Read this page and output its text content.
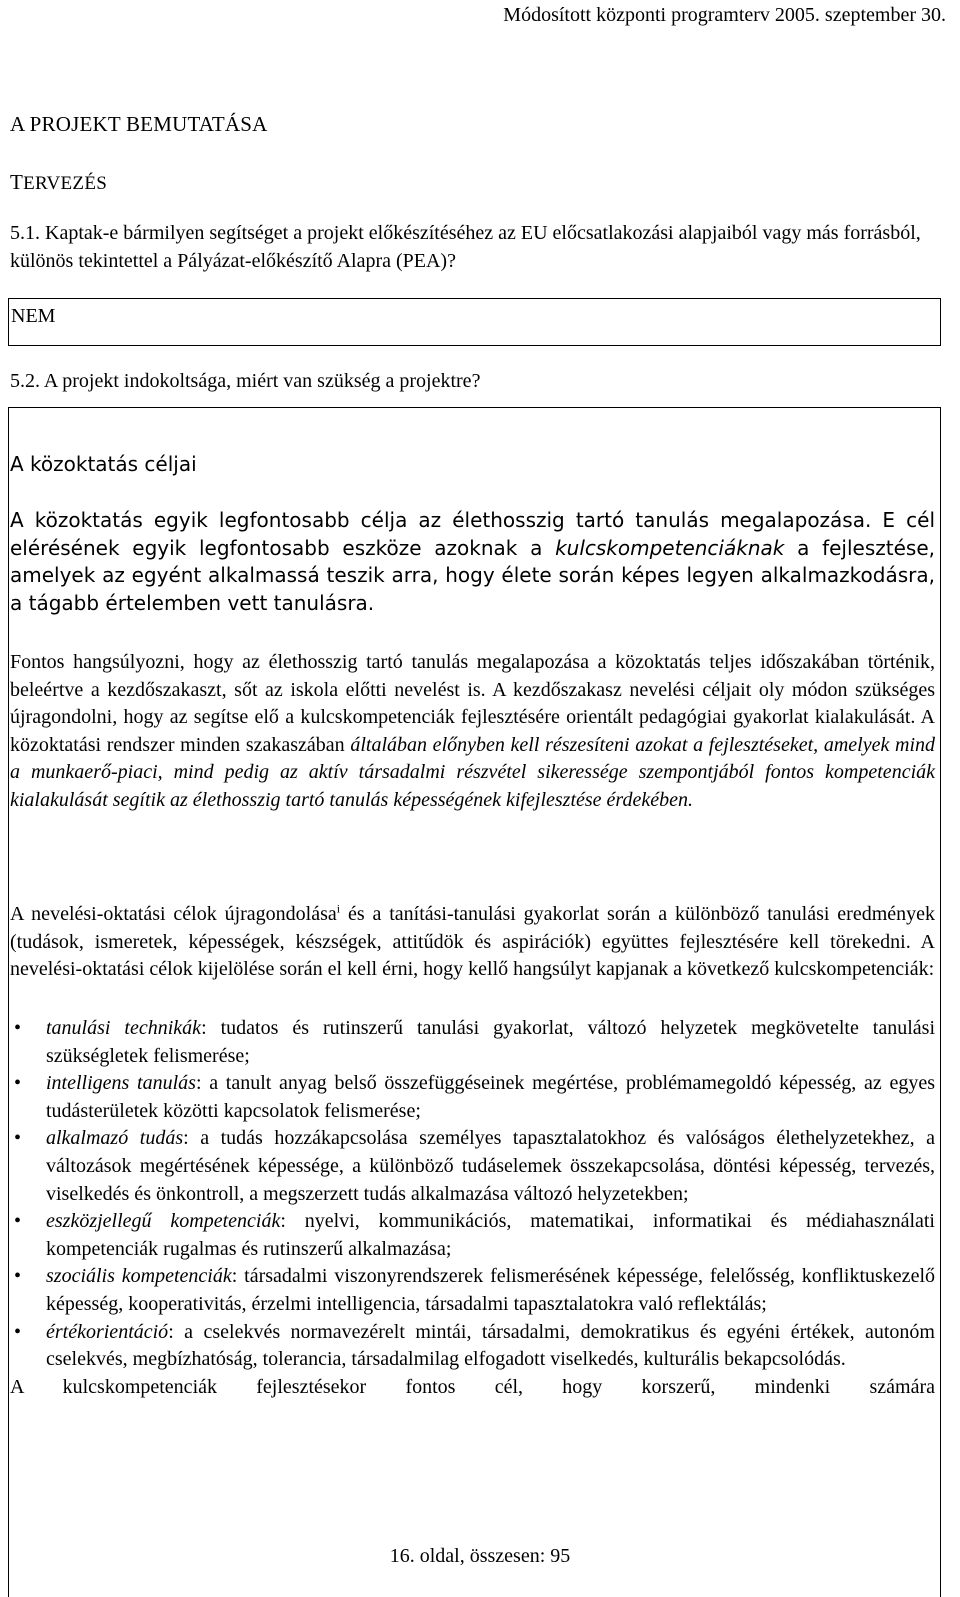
Módosított központi programterv 2005. szeptember 30.
A PROJEKT BEMUTATÁSA
TERVEZÉS
5.1. Kaptak-e bármilyen segítséget a projekt előkészítéséhez az EU előcsatlakozási alapjaiból vagy más forrásból, különös tekintettel a Pályázat-előkészítő Alapra (PEA)?
NEM
5.2. A projekt indokoltsága, miért van szükség a projektre?
A közoktatás céljai
A közoktatás egyik legfontosabb célja az élethosszig tartó tanulás megalapozása. E cél elérésének egyik legfontosabb eszköze azoknak a kulcskompetenciáknak a fejlesztése, amelyek az egyént alkalmassá teszik arra, hogy élete során képes legyen alkalmazkodásra, a tágabb értelemben vett tanulásra.
Fontos hangsúlyozni, hogy az élethosszig tartó tanulás megalapozása a közoktatás teljes időszakában történik, beleértve a kezdőszakaszt, sőt az iskola előtti nevelést is. A kezdőszakasz nevelési céljait oly módon szükséges újragondolni, hogy az segítse elő a kulcskompetenciák fejlesztésére orientált pedagógiai gyakorlat kialakulását. A közoktatási rendszer minden szakaszában általában előnyben kell részesíteni azokat a fejlesztéseket, amelyek mind a munkaerő-piaci, mind pedig az aktív társadalmi részvétel sikeressége szempontjából fontos kompetenciák kialakulását segítik az élethosszig tartó tanulás képességének kifejlesztése érdekében.
A nevelési-oktatási célok újragondolása$^i$ és a tanítási-tanulási gyakorlat során a különböző tanulási eredmények (tudások, ismeretek, képességek, készségek, attitűdök és aspirációk) együttes fejlesztésére kell törekedni. A nevelési-oktatási célok kijelölése során el kell érni, hogy kellő hangsúlyt kapjanak a következő kulcskompetenciák:
• tanulási technikák: tudatos és rutinszerű tanulási gyakorlat, változó helyzetek megkövetelte tanulási szükségletek felismerése;
• intelligens tanulás: a tanult anyag belső összefüggéseinek megértése, problémamegoldó képesség, az egyes tudásterületek közötti kapcsolatok felismerése;
• alkalmazó tudás: a tudás hozzákapcsolása személyes tapasztalatokhoz és valóságos élethelyzetekhez, a változások megértésének képessége, a különböző tudáselemek összekapcsolása, döntési képesség, tervezés, viselkedés és önkontroll, a megszerzett tudás alkalmazása változó helyzetekben;
• eszközjellegű kompetenciák: nyelvi, kommunikációs, matematikai, informatikai és médiahasználati kompetenciák rugalmas és rutinszerű alkalmazása;
• szociális kompetenciák: társadalmi viszonyrendszerek felismerésének képessége, felelősség, konfliktuskezelő képesség, kooperativitás, érzelmi intelligencia, társadalmi tapasztalatokra való reflektálás;
• értékorientáció: a cselekvés normavezérelt mintái, társadalmi, demokratikus és egyéni értékek, autonóm cselekvés, megbízhatóság, tolerancia, társadalmilag elfogadott viselkedés, kulturális bekapcsolódás.
A kulcskompetenciák fejlesztésekor fontos cél, hogy korszerű, mindenki számára
16. oldal, összesen: 95
